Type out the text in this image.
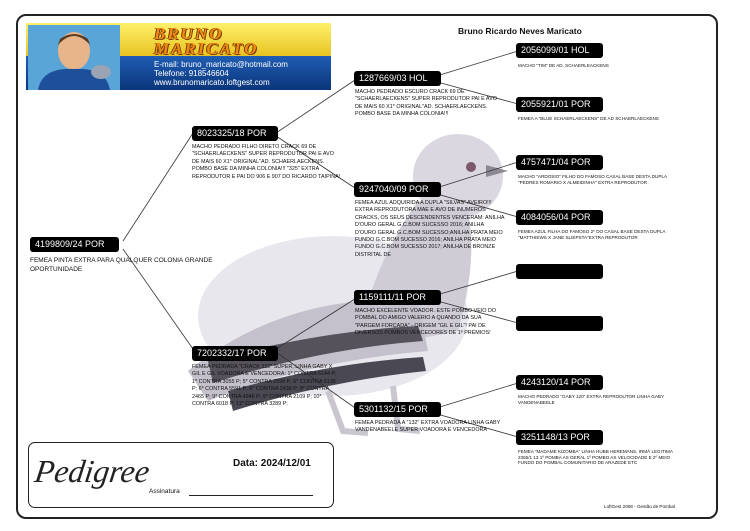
BRUNO
MARICATO
E-mail: bruno_maricato@hotmail.com
Telefone: 918546604
www.brunomaricato.loftgest.com
Bruno Ricardo Neves Maricato
4199809/24 POR
FEMEA PINTA EXTRA PARA QUALQUER COLONIA GRANDE OPORTUNIDADE
8023325/18 POR
MACHO PEDRADO FILHO DIRETO CRACK 69 DE "SCHAERLAECKENS" SUPER REPRODUTOR PAI E AVO DE MAIS 60 X1* ORIGINAL"AD. SCHAERLAECKENS. POMBO BASE DA MINHA COLONIA!!! "325" EXTRA REPRODUTOR E PAI DO 906 E 907 DO RICARDO TAIPINA!
7202332/17 POR
FEMEA PEDRADA "CRACK 332" SUPER, LINHA GABY X GIL E GIL VOADORA E VENCEDORA: 1* CONTRA 6144 P; 1* CONTRA 3055 P; 5* CONTRA 2599 P; 6* CONTRA 5135 P; 6* CONTRA 5591 P; 6* CONTRA 2439 P; 8* CONTRA 2465 P; 9* CONTRA 4946 P; 9* CONTRA 2109 P; 10* CONTRA 6018 P; 11* CONTRA 3289 P;
1287669/03 HOL
MACHO PEDRADO ESCURO CRACK 69 DE "SCHAERLAECKENS" SUPER REPRODUTOR PAI E AVO DE MAIS 60 X1* ORIGINAL"AD. SCHAERLAECKENS. POMBO BASE DA MINHA COLONIA!!!
9247040/09 POR
FEMEA AZUL ADQUIRIDA A DUPLA "SILVAS" AVEIRO!!! EXTRA REPRODUTORA MAE E AVO DE INUMEROS CRACKS, OS SEUS DESCENDENTES VENCERAM: ANILHA D'OURO GERAL G.C.BOM SUCESSO 2016; ANILHA D'OURO GERAL G.C.BOM SUCESSO;ANILHA PRATA MEIO FUNDO G.C.BOM SUCESSO 2016; ANILHA PRATA MEIO FUNDO G.C.BOM SUCESSO 2017; ANILHA DE BRONZE DISTRITAL DE
1159111/11 POR
MACHO EXCELENTE VOADOR. ESTE POMBO VEIO DO POMBAL DO AMIGO VALERIO A QUANDO DA SUA "PARGEM FORÇADA" - ORIGEM "GIL E GIL"! PAI DE DIVERSOS POMBOS VENCEDORES DE 1º PRÉMIOS!
5301132/15 POR
FEMEA PEDRADA A "132" EXTRA VOADORA LINHA GABY VANDENABEELE SUPER VOADORA E VENCEDORA
2056099/01 HOL
MACHO "TIM" DE AD. SCHAERLEACKENS
2055921/01 POR
FEMEA A "BLUE SCHAERLAECKENS" DE AD SCHAERLAECKENS
4757471/04 POR
MACHO "ARDOSIO" FILHO DO FAMOSO CASAL BASE DESTA DUPLA "PEDRES ROMARIO X ALMEIDINHA" EXTRA REPRODUTOR
4084056/04 POR
FEMEA AZUL FILHA DO FAMOSO 2* DO CASAL BASE DESTA DUPLA "MATTHIEWS X JANE SLIEPSTA"EXTRA REPRODUTOR
4243120/14 POR
MACHO PEDRADO "GABY 120" EXTRA REPRODUTOR LINHA GABY VANDENABEELE
3251148/13 POR
FEMEA "MADAME KIZOMBA" LINHA HUBB HEREMANS, IRMÃ LEGITIMA 2365/1 13 1º POMBA AS GERAL 1º POMBO AS VELOCIDADE E 2º MEIO FUNDO DO POMBAL COMUNITARIO DE ARAZEDE ETC
Pedigree	Data: 2024/12/01
Assinatura
LoftGest 2008 - Gestão de Pombal
